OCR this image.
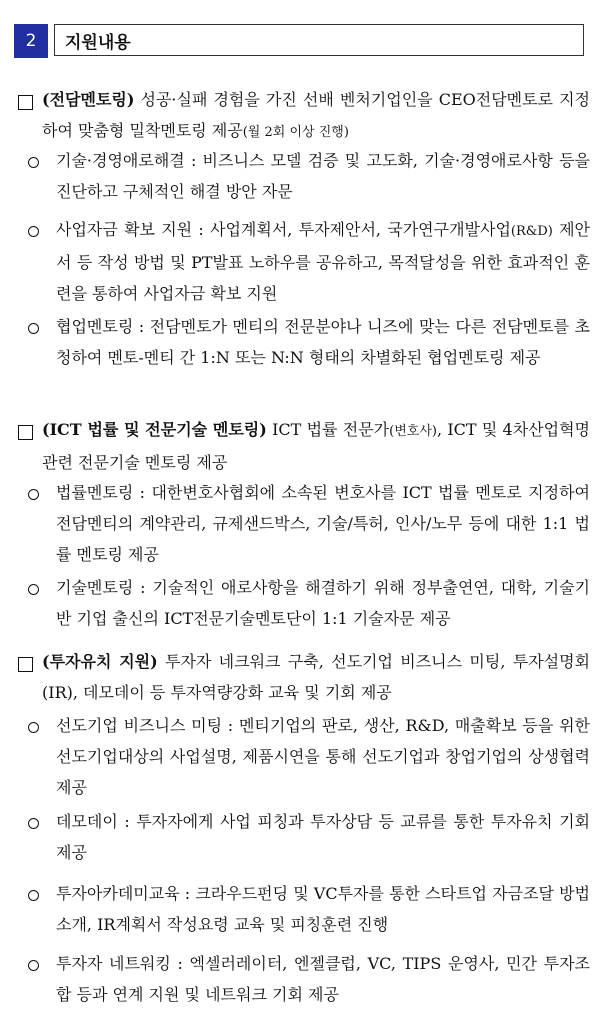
2	지원내용
(전담멘토링) 성공·실패 경험을 가진 선배 벤처기업인을 CEO전담멘토로 지정하여 맞춤형 밀착멘토링 제공(월 2회 이상 진행)
기술·경영애로해결 : 비즈니스 모델 검증 및 고도화, 기술·경영애로사항 등을 진단하고 구체적인 해결 방안 자문
사업자금 확보 지원 : 사업계획서, 투자제안서, 국가연구개발사업(R&D) 제안서 등 작성 방법 및 PT발표 노하우를 공유하고, 목적달성을 위한 효과적인 훈련을 통하여 사업자금 확보 지원
협업멘토링 : 전담멘토가 멘티의 전문분야나 니즈에 맞는 다른 전담멘토를 초청하여 멘토-멘티 간 1:N 또는 N:N 형태의 차별화된 협업멘토링 제공
(ICT 법률 및 전문기술 멘토링) ICT 법률 전문가(변호사), ICT 및 4차산업혁명 관련 전문기술 멘토링 제공
법률멘토링 : 대한변호사협회에 소속된 변호사를 ICT 법률 멘토로 지정하여 전담멘티의 계약관리, 규제샌드박스, 기술/특허, 인사/노무 등에 대한 1:1 법률 멘토링 제공
기술멘토링 : 기술적인 애로사항을 해결하기 위해 정부출연연, 대학, 기술기반 기업 출신의 ICT전문기술멘토단이 1:1 기술자문 제공
(투자유치 지원) 투자자 네크워크 구축, 선도기업 비즈니스 미팅, 투자설명회(IR), 데모데이 등 투자역량강화 교육 및 기회 제공
선도기업 비즈니스 미팅 : 멘티기업의 판로, 생산, R&D, 매출확보 등을 위한 선도기업대상의 사업설명, 제품시연을 통해 선도기업과 창업기업의 상생협력 제공
데모데이 : 투자자에게 사업 피칭과 투자상담 등 교류를 통한 투자유치 기회 제공
투자아카데미교육 : 크라우드펀딩 및 VC투자를 통한 스타트업 자금조달 방법 소개, IR계획서 작성요령 교육 및 피칭훈련 진행
투자자 네트워킹 : 엑셀러레이터, 엔젤클럽, VC, TIPS 운영사, 민간 투자조합 등과 연계 지원 및 네트워크 기회 제공
